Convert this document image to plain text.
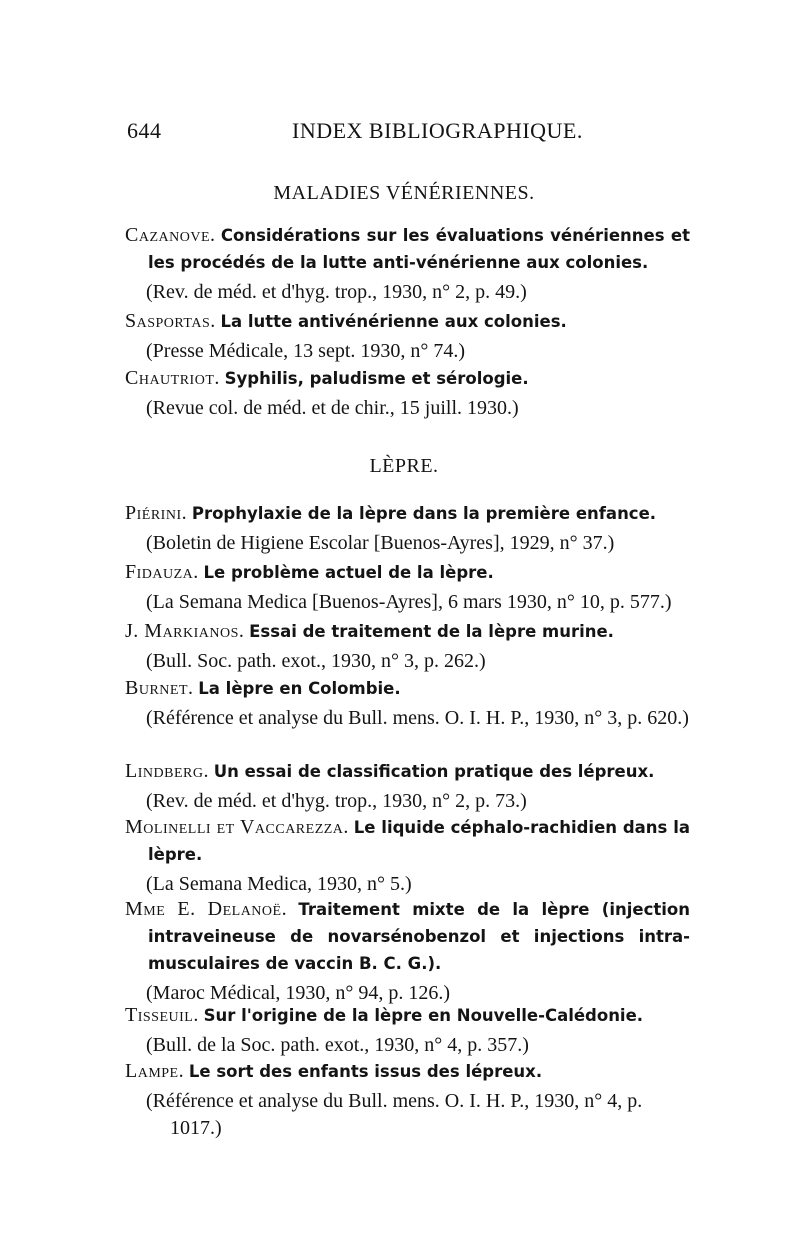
644	INDEX BIBLIOGRAPHIQUE.
MALADIES VÉNÉRIENNES.

Cazanove. Considérations sur les évaluations vénériennes et les procédés de la lutte anti-vénérienne aux colonies.

(Rev. de méd. et d'hyg. trop., 1930, n° 2, p. 49.)

Sasportas. La lutte antivénérienne aux colonies.

(Presse Médicale, 13 sept. 1930, n° 74.)

Chautriot. Syphilis, paludisme et sérologie.

(Revue col. de méd. et de chir., 15 juill. 1930.)

LÈPRE.

Piérini. Prophylaxie de la lèpre dans la première enfance.

(Boletin de Higiene Escolar [Buenos-Ayres], 1929, n° 37.)

Fidauza. Le problème actuel de la lèpre.

(La Semana Medica [Buenos-Ayres], 6 mars 1930, n° 10, p. 577.)

J. Markianos. Essai de traitement de la lèpre murine.

(Bull. Soc. path. exot., 1930, n° 3, p. 262.)

Burnet. La lèpre en Colombie.

(Référence et analyse du Bull. mens. O. I. H. P., 1930, n° 3, p. 620.)

Lindberg. Un essai de classification pratique des lépreux.

(Rev. de méd. et d'hyg. trop., 1930, n° 2, p. 73.)

Molinelli et Vaccarezza. Le liquide céphalo-rachidien dans la lèpre.

(La Semana Medica, 1930, n° 5.)

Mme E. Delanoë. Traitement mixte de la lèpre (injection intraveineuse de novarsénobenzol et injections intra-musculaires de vaccin B. C. G.).

(Maroc Médical, 1930, n° 94, p. 126.)

Tisseuil. Sur l'origine de la lèpre en Nouvelle-Calédonie.

(Bull. de la Soc. path. exot., 1930, n° 4, p. 357.)

Lampe. Le sort des enfants issus des lépreux.

(Référence et analyse du Bull. mens. O. I. H. P., 1930, n° 4, p. 1017.)
